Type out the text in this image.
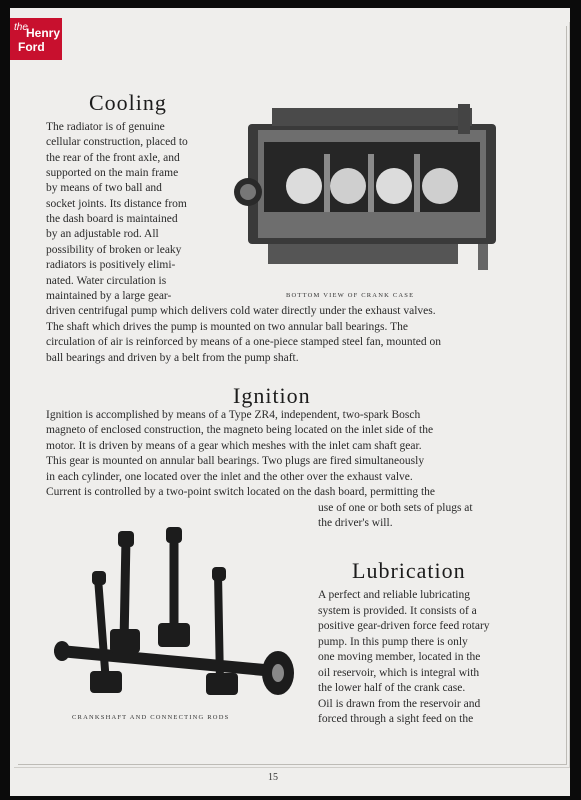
the
Henry
Ford
Cooling

The radiator is of genuine

cellular construction, placed to

the rear of the front axle, and

supported on the main frame

by means of two ball and

socket joints. Its distance from

the dash board is maintained

by an adjustable rod. All

possibility of broken or leaky

radiators is positively elimi-

nated. Water circulation is

maintained by a large gear-	BOTTOM VIEW OF CRANK CASE

driven centrifugal pump which delivers cold water directly under the exhaust valves.

The shaft which drives the pump is mounted on two annular ball bearings. The

circulation of air is reinforced by means of a one-piece stamped steel fan, mounted on

ball bearings and driven by a belt from the pump shaft.

Ignition

Ignition is accomplished by means of a Type ZR4, independent, two-spark Bosch

magneto of enclosed construction, the magneto being located on the inlet side of the

motor. It is driven by means of a gear which meshes with the inlet cam shaft gear.

This gear is mounted on annular ball bearings. Two plugs are fired simultaneously

in each cylinder, one located over the inlet and the other over the exhaust valve.

Current is controlled by a two-point switch located on the dash board, permitting the

use of one or both sets of plugs at

the driver's will.

CRANKSHAFT AND CONNECTING RODS
Lubrication

A perfect and reliable lubricating

system is provided. It consists of a

positive gear-driven force feed rotary

pump. In this pump there is only

one moving member, located in the

oil reservoir, which is integral with

the lower half of the crank case.

Oil is drawn from the reservoir and

forced through a sight feed on the

15
